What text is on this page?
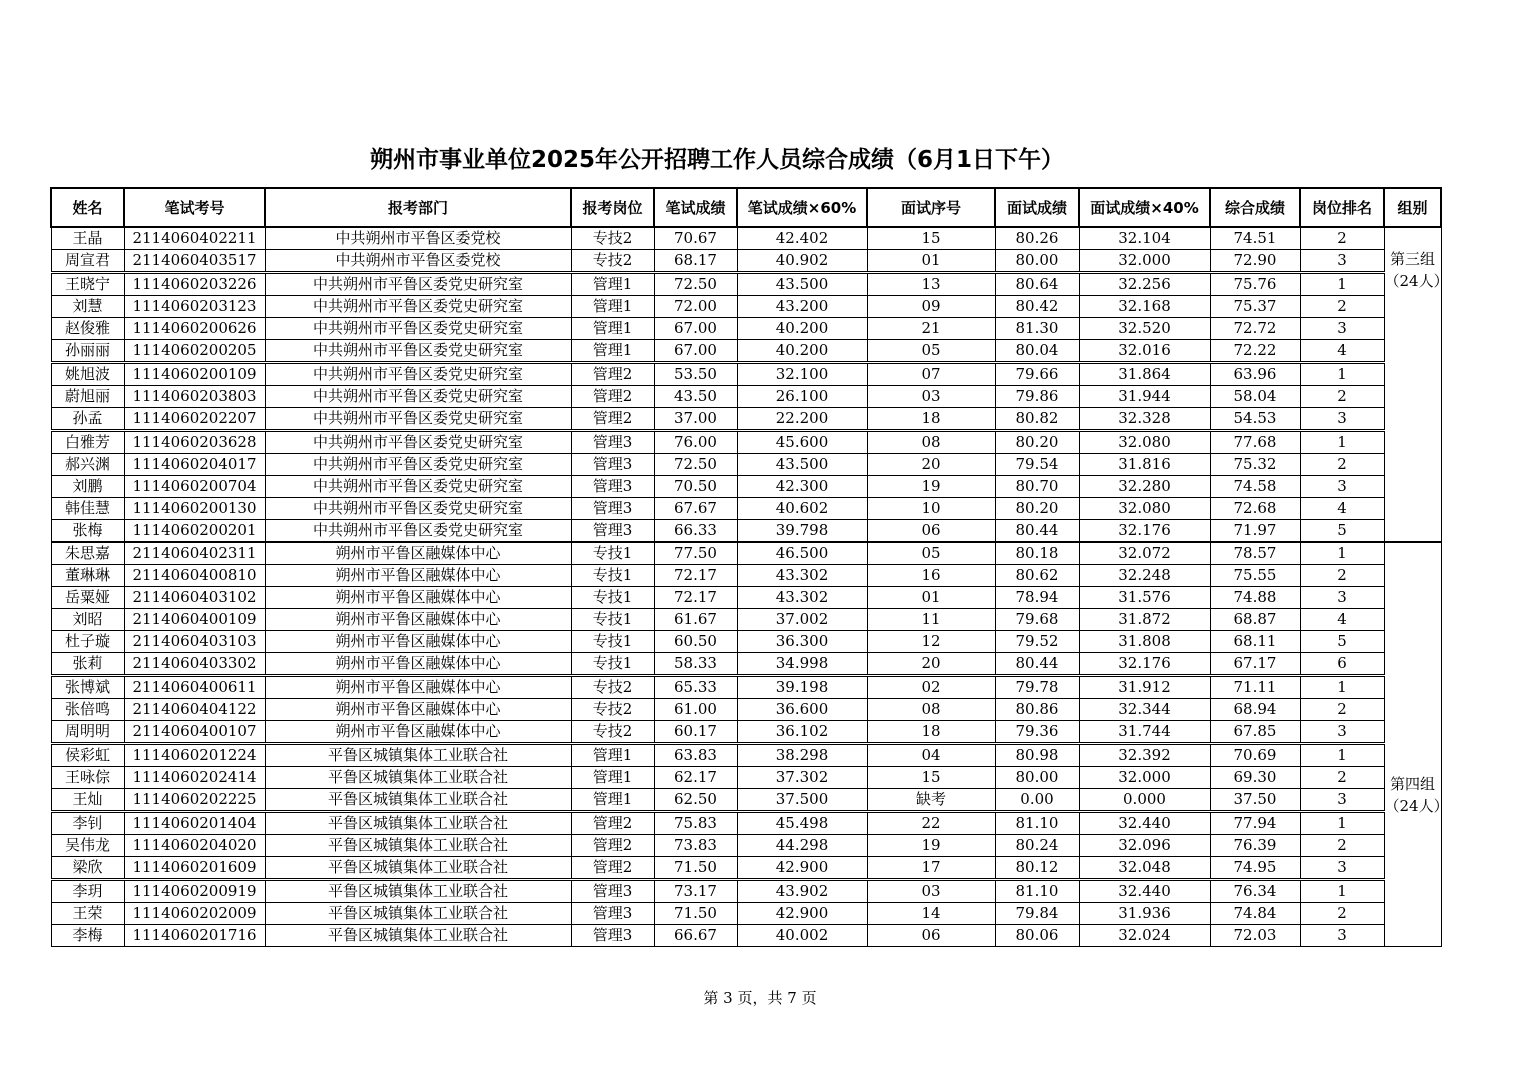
朔州市事业单位2025年公开招聘工作人员综合成绩（6月1日下午）
姓名	笔试考号	报考部门	报考岗位	笔试成绩	笔试成绩×60%	面试序号	面试成绩	面试成绩×40%	综合成绩	岗位排名	组别
王晶	2114060402211	中共朔州市平鲁区委党校	专技2	70.67	42.402	15	80.26	32.104	74.51	2	第三组
（24人）

周宣君	2114060403517	中共朔州市平鲁区委党校	专技2	68.17	40.902	01	80.00	32.000	72.90	3	
王晓宁	1114060203226	中共朔州市平鲁区委党史研究室	管理1	72.50	43.500	13	80.64	32.256	75.76	1	
刘慧	1114060203123	中共朔州市平鲁区委党史研究室	管理1	72.00	43.200	09	80.42	32.168	75.37	2	
赵俊雅	1114060200626	中共朔州市平鲁区委党史研究室	管理1	67.00	40.200	21	81.30	32.520	72.72	3	
孙丽丽	1114060200205	中共朔州市平鲁区委党史研究室	管理1	67.00	40.200	05	80.04	32.016	72.22	4	
姚旭波	1114060200109	中共朔州市平鲁区委党史研究室	管理2	53.50	32.100	07	79.66	31.864	63.96	1	
蔚旭丽	1114060203803	中共朔州市平鲁区委党史研究室	管理2	43.50	26.100	03	79.86	31.944	58.04	2	
孙孟	1114060202207	中共朔州市平鲁区委党史研究室	管理2	37.00	22.200	18	80.82	32.328	54.53	3	
白雅芳	1114060203628	中共朔州市平鲁区委党史研究室	管理3	76.00	45.600	08	80.20	32.080	77.68	1	
郝兴渊	1114060204017	中共朔州市平鲁区委党史研究室	管理3	72.50	43.500	20	79.54	31.816	75.32	2	
刘鹏	1114060200704	中共朔州市平鲁区委党史研究室	管理3	70.50	42.300	19	80.70	32.280	74.58	3	
韩佳慧	1114060200130	中共朔州市平鲁区委党史研究室	管理3	67.67	40.602	10	80.20	32.080	72.68	4	
张梅	1114060200201	中共朔州市平鲁区委党史研究室	管理3	66.33	39.798	06	80.44	32.176	71.97	5	
朱思嘉	2114060402311	朔州市平鲁区融媒体中心	专技1	77.50	46.500	05	80.18	32.072	78.57	1	第四组
（24人）

董琳琳	2114060400810	朔州市平鲁区融媒体中心	专技1	72.17	43.302	16	80.62	32.248	75.55	2	
岳粟娅	2114060403102	朔州市平鲁区融媒体中心	专技1	72.17	43.302	01	78.94	31.576	74.88	3	
刘昭	2114060400109	朔州市平鲁区融媒体中心	专技1	61.67	37.002	11	79.68	31.872	68.87	4	
杜子璇	2114060403103	朔州市平鲁区融媒体中心	专技1	60.50	36.300	12	79.52	31.808	68.11	5	
张莉	2114060403302	朔州市平鲁区融媒体中心	专技1	58.33	34.998	20	80.44	32.176	67.17	6	
张博斌	2114060400611	朔州市平鲁区融媒体中心	专技2	65.33	39.198	02	79.78	31.912	71.11	1	
张倍鸣	2114060404122	朔州市平鲁区融媒体中心	专技2	61.00	36.600	08	80.86	32.344	68.94	2	
周明明	2114060400107	朔州市平鲁区融媒体中心	专技2	60.17	36.102	18	79.36	31.744	67.85	3	
侯彩虹	1114060201224	平鲁区城镇集体工业联合社	管理1	63.83	38.298	04	80.98	32.392	70.69	1	
王咏倧	1114060202414	平鲁区城镇集体工业联合社	管理1	62.17	37.302	15	80.00	32.000	69.30	2	
王灿	1114060202225	平鲁区城镇集体工业联合社	管理1	62.50	37.500	缺考	0.00	0.000	37.50	3	
李钊	1114060201404	平鲁区城镇集体工业联合社	管理2	75.83	45.498	22	81.10	32.440	77.94	1	
吴伟龙	1114060204020	平鲁区城镇集体工业联合社	管理2	73.83	44.298	19	80.24	32.096	76.39	2	
梁欣	1114060201609	平鲁区城镇集体工业联合社	管理2	71.50	42.900	17	80.12	32.048	74.95	3	
李玥	1114060200919	平鲁区城镇集体工业联合社	管理3	73.17	43.902	03	81.10	32.440	76.34	1	
王荣	1114060202009	平鲁区城镇集体工业联合社	管理3	71.50	42.900	14	79.84	31.936	74.84	2	
李梅	1114060201716	平鲁区城镇集体工业联合社	管理3	66.67	40.002	06	80.06	32.024	72.03	3	
第 3 页，共 7 页
